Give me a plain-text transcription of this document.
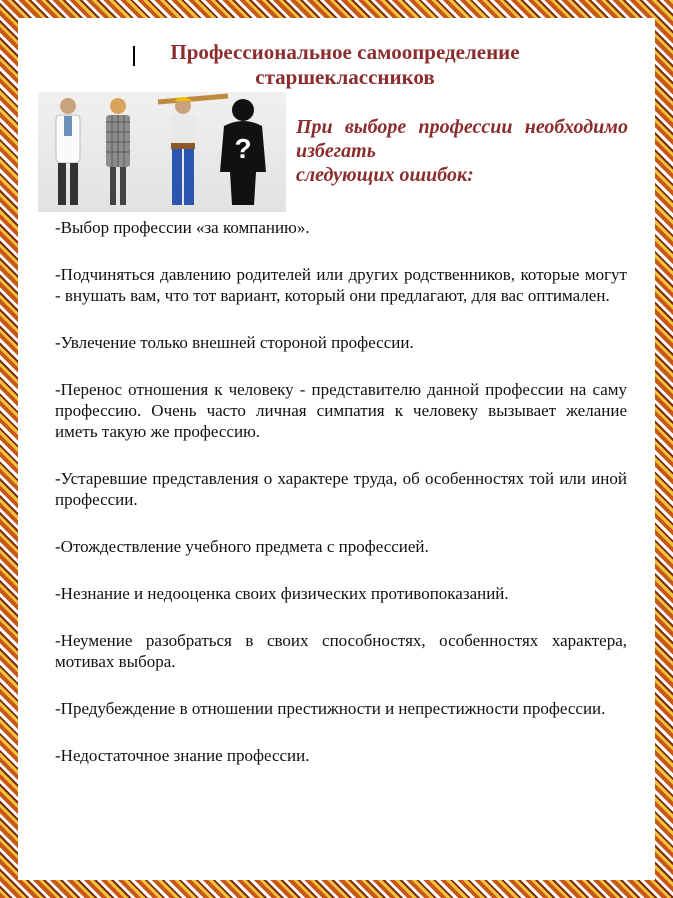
Профессиональное самоопределение старшеклассников
?
При выборе профессии необходимо избегать
следующих ошибок:
-Выбор профессии «за компанию».
-Подчиняться давлению родителей или других родственников, которые могут - внушать вам, что тот вариант, который они предлагают, для вас оптимален.
-Увлечение только внешней стороной профессии.
-Перенос отношения к человеку - представителю данной профессии на саму профессию. Очень часто личная симпатия к человеку вызывает желание иметь такую же профессию.
-Устаревшие представления о характере труда, об особенностях той или иной профессии.
-Отождествление учебного предмета с профессией.
-Незнание и недооценка своих физических противопоказаний.
-Неумение разобраться в своих способностях, особенностях характера, мотивах выбора.
-Предубеждение в отношении престижности и непрестижности профессии.
-Недостаточное знание профессии.
